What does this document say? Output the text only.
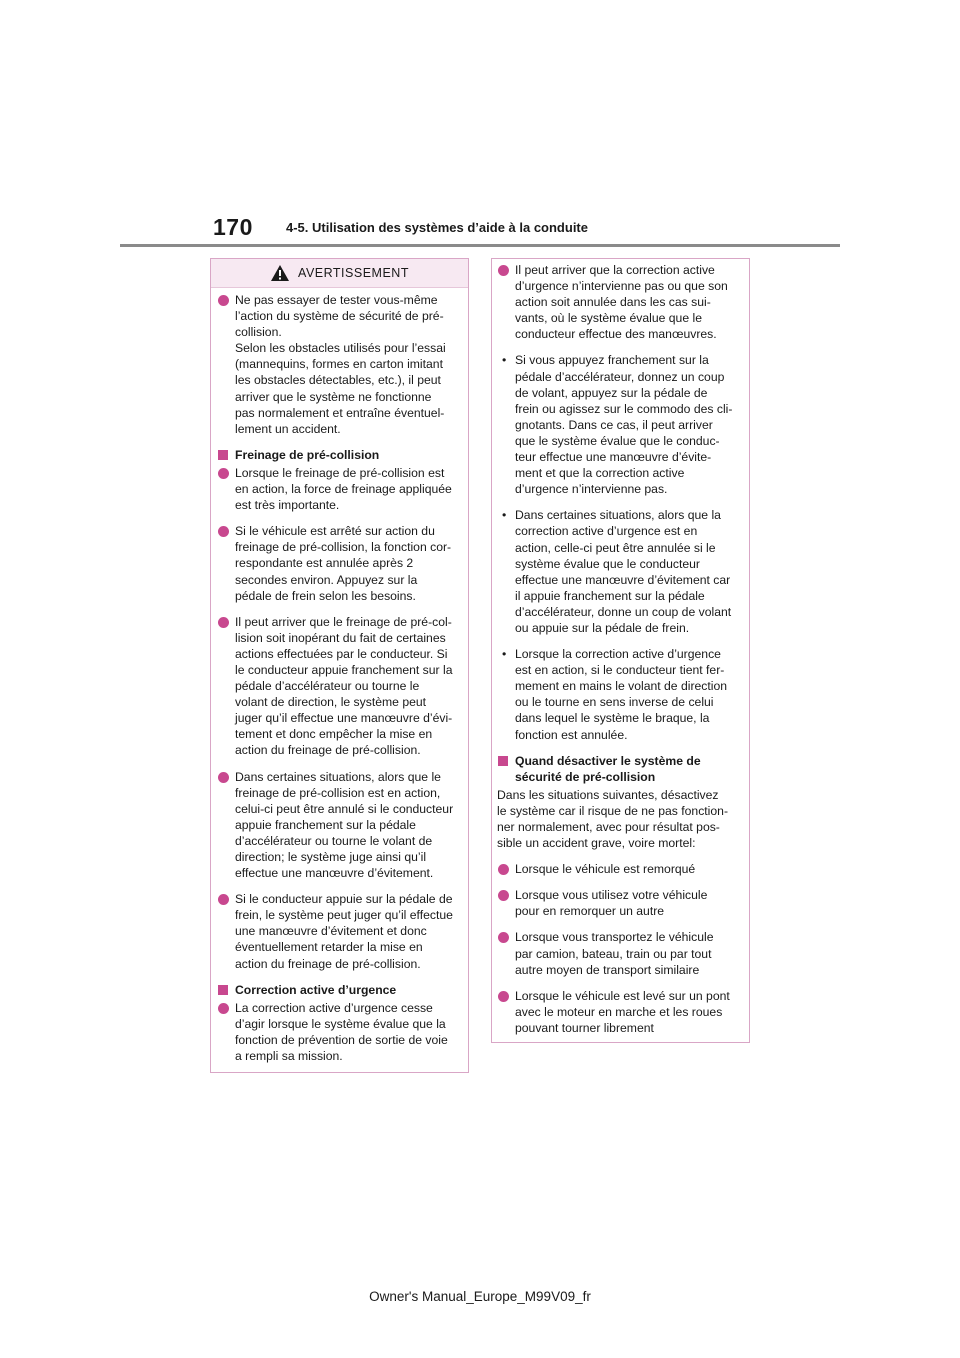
170	4-5. Utilisation des systèmes d’aide à la conduite
AVERTISSEMENT
Ne pas essayer de tester vous-même
l’action du système de sécurité de pré-
collision.
Selon les obstacles utilisés pour l’essai
(mannequins, formes en carton imitant
les obstacles détectables, etc.), il peut
arriver que le système ne fonctionne
pas normalement et entraîne éventuel-
lement un accident.
Freinage de pré-collision
Lorsque le freinage de pré-collision est
en action, la force de freinage appliquée
est très importante.
Si le véhicule est arrêté sur action du
freinage de pré-collision, la fonction cor-
respondante est annulée après 2
secondes environ. Appuyez sur la
pédale de frein selon les besoins.
Il peut arriver que le freinage de pré-col-
lision soit inopérant du fait de certaines
actions effectuées par le conducteur. Si
le conducteur appuie franchement sur la
pédale d’accélérateur ou tourne le
volant de direction, le système peut
juger qu’il effectue une manœuvre d’évi-
tement et donc empêcher la mise en
action du freinage de pré-collision.
Dans certaines situations, alors que le
freinage de pré-collision est en action,
celui-ci peut être annulé si le conducteur
appuie franchement sur la pédale
d’accélérateur ou tourne le volant de
direction; le système juge ainsi qu’il
effectue une manœuvre d’évitement.
Si le conducteur appuie sur la pédale de
frein, le système peut juger qu’il effectue
une manœuvre d’évitement et donc
éventuellement retarder la mise en
action du freinage de pré-collision.
Correction active d’urgence
La correction active d’urgence cesse
d’agir lorsque le système évalue que la
fonction de prévention de sortie de voie
a rempli sa mission.
Il peut arriver que la correction active
d’urgence n’intervienne pas ou que son
action soit annulée dans les cas sui-
vants, où le système évalue que le
conducteur effectue des manœuvres.
• Si vous appuyez franchement sur la
pédale d’accélérateur, donnez un coup
de volant, appuyez sur la pédale de
frein ou agissez sur le commodo des cli-
gnotants. Dans ce cas, il peut arriver
que le système évalue que le conduc-
teur effectue une manœuvre d’évite-
ment et que la correction active
d’urgence n’intervienne pas.
• Dans certaines situations, alors que la
correction active d’urgence est en
action, celle-ci peut être annulée si le
système évalue que le conducteur
effectue une manœuvre d’évitement car
il appuie franchement sur la pédale
d’accélérateur, donne un coup de volant
ou appuie sur la pédale de frein.
• Lorsque la correction active d’urgence
est en action, si le conducteur tient fer-
mement en mains le volant de direction
ou le tourne en sens inverse de celui
dans lequel le système le braque, la
fonction est annulée.
Quand désactiver le système de
sécurité de pré-collision
Dans les situations suivantes, désactivez
le système car il risque de ne pas fonction-
ner normalement, avec pour résultat pos-
sible un accident grave, voire mortel:
Lorsque le véhicule est remorqué
Lorsque vous utilisez votre véhicule
pour en remorquer un autre
Lorsque vous transportez le véhicule
par camion, bateau, train ou par tout
autre moyen de transport similaire
Lorsque le véhicule est levé sur un pont
avec le moteur en marche et les roues
pouvant tourner librement
Owner's Manual_Europe_M99V09_fr
